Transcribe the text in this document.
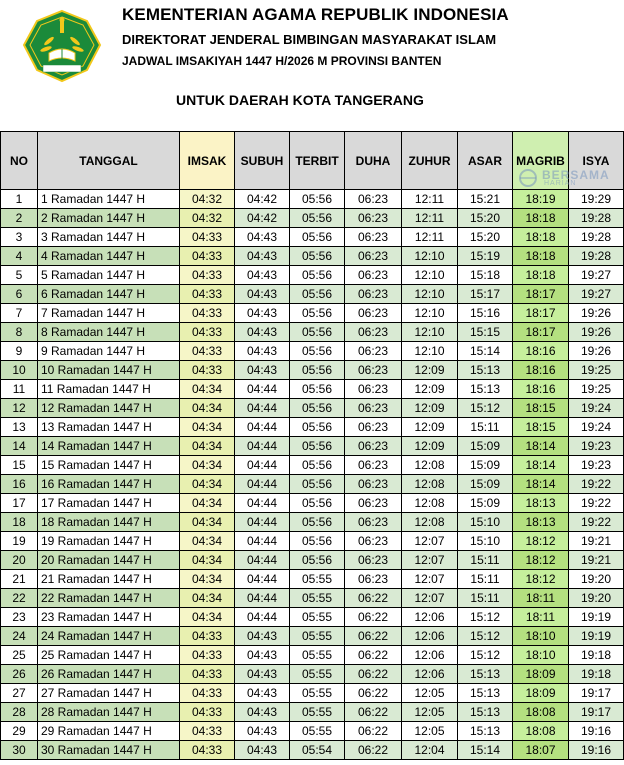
KEMENTERIAN AGAMA REPUBLIK INDONESIA
DIREKTORAT JENDERAL BIMBINGAN MASYARAKAT ISLAM
JADWAL IMSAKIYAH 1447 H/2026 M PROVINSI BANTEN
UNTUK DAERAH KOTA TANGERANG
NO	TANGGAL	IMSAK	SUBUH	TERBIT	DUHA	ZUHUR	ASAR	MAGRIB	ISYA
1	1 Ramadan 1447 H	04:32	04:42	05:56	06:23	12:11	15:21	18:19	19:29
2	2 Ramadan 1447 H	04:32	04:42	05:56	06:23	12:11	15:20	18:18	19:28
3	3 Ramadan 1447 H	04:33	04:43	05:56	06:23	12:11	15:20	18:18	19:28
4	4 Ramadan 1447 H	04:33	04:43	05:56	06:23	12:10	15:19	18:18	19:28
5	5 Ramadan 1447 H	04:33	04:43	05:56	06:23	12:10	15:18	18:18	19:27
6	6 Ramadan 1447 H	04:33	04:43	05:56	06:23	12:10	15:17	18:17	19:27
7	7 Ramadan 1447 H	04:33	04:43	05:56	06:23	12:10	15:16	18:17	19:26
8	8 Ramadan 1447 H	04:33	04:43	05:56	06:23	12:10	15:15	18:17	19:26
9	9 Ramadan 1447 H	04:33	04:43	05:56	06:23	12:10	15:14	18:16	19:26
10	10 Ramadan 1447 H	04:33	04:43	05:56	06:23	12:09	15:13	18:16	19:25
11	11 Ramadan 1447 H	04:34	04:44	05:56	06:23	12:09	15:13	18:16	19:25
12	12 Ramadan 1447 H	04:34	04:44	05:56	06:23	12:09	15:12	18:15	19:24
13	13 Ramadan 1447 H	04:34	04:44	05:56	06:23	12:09	15:11	18:15	19:24
14	14 Ramadan 1447 H	04:34	04:44	05:56	06:23	12:09	15:09	18:14	19:23
15	15 Ramadan 1447 H	04:34	04:44	05:56	06:23	12:08	15:09	18:14	19:23
16	16 Ramadan 1447 H	04:34	04:44	05:56	06:23	12:08	15:09	18:14	19:22
17	17 Ramadan 1447 H	04:34	04:44	05:56	06:23	12:08	15:09	18:13	19:22
18	18 Ramadan 1447 H	04:34	04:44	05:56	06:23	12:08	15:10	18:13	19:22
19	19 Ramadan 1447 H	04:34	04:44	05:56	06:23	12:07	15:10	18:12	19:21
20	20 Ramadan 1447 H	04:34	04:44	05:56	06:23	12:07	15:11	18:12	19:21
21	21 Ramadan 1447 H	04:34	04:44	05:55	06:23	12:07	15:11	18:12	19:20
22	22 Ramadan 1447 H	04:34	04:44	05:55	06:22	12:07	15:11	18:11	19:20
23	23 Ramadan 1447 H	04:34	04:44	05:55	06:22	12:06	15:12	18:11	19:19
24	24 Ramadan 1447 H	04:33	04:43	05:55	06:22	12:06	15:12	18:10	19:19
25	25 Ramadan 1447 H	04:33	04:43	05:55	06:22	12:06	15:12	18:10	19:18
26	26 Ramadan 1447 H	04:33	04:43	05:55	06:22	12:06	15:13	18:09	19:18
27	27 Ramadan 1447 H	04:33	04:43	05:55	06:22	12:05	15:13	18:09	19:17
28	28 Ramadan 1447 H	04:33	04:43	05:55	06:22	12:05	15:13	18:08	19:17
29	29 Ramadan 1447 H	04:33	04:43	05:55	06:22	12:05	15:13	18:08	19:16
30	30 Ramadan 1447 H	04:33	04:43	05:54	06:22	12:04	15:14	18:07	19:16
BERSAMA
HARIAN
